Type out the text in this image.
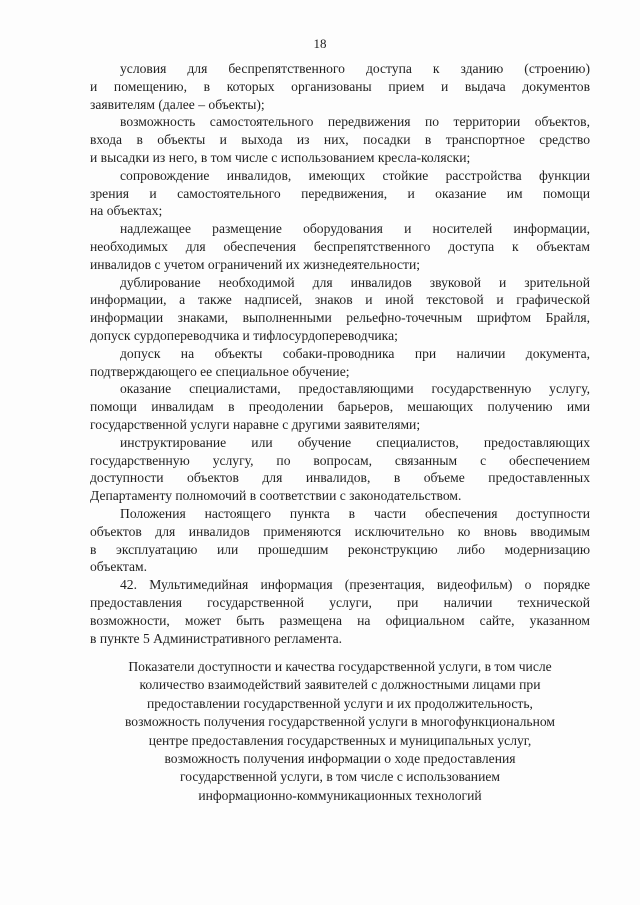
18

условия для беспрепятственного доступа к зданию (строению)
и помещению, в которых организованы прием и выдача документов
заявителям (далее – объекты);

возможность самостоятельного передвижения по территории объектов,
входа в объекты и выхода из них, посадки в транспортное средство
и высадки из него, в том числе с использованием кресла-коляски;

сопровождение инвалидов, имеющих стойкие расстройства функции
зрения и самостоятельного передвижения, и оказание им помощи
на объектах;

надлежащее размещение оборудования и носителей информации,
необходимых для обеспечения беспрепятственного доступа к объектам
инвалидов с учетом ограничений их жизнедеятельности;

дублирование необходимой для инвалидов звуковой и зрительной
информации, а также надписей, знаков и иной текстовой и графической
информации знаками, выполненными рельефно-точечным шрифтом Брайля,
допуск сурдопереводчика и тифлосурдопереводчика;

допуск на объекты собаки-проводника при наличии документа,
подтверждающего ее специальное обучение;

оказание специалистами, предоставляющими государственную услугу,
помощи инвалидам в преодолении барьеров, мешающих получению ими
государственной услуги наравне с другими заявителями;

инструктирование или обучение специалистов, предоставляющих
государственную услугу, по вопросам, связанным с обеспечением
доступности объектов для инвалидов, в объеме предоставленных
Департаменту полномочий в соответствии с законодательством.

Положения настоящего пункта в части обеспечения доступности
объектов для инвалидов применяются исключительно ко вновь вводимым
в эксплуатацию или прошедшим реконструкцию либо модернизацию
объектам.

42. Мультимедийная информация (презентация, видеофильм) о порядке
предоставления государственной услуги, при наличии технической
возможности, может быть размещена на официальном сайте, указанном
в пункте 5 Административного регламента.

Показатели доступности и качества государственной услуги, в том числе
количество взаимодействий заявителей с должностными лицами при
предоставлении государственной услуги и их продолжительность,
возможность получения государственной услуги в многофункциональном
центре предоставления государственных и муниципальных услуг,
возможность получения информации о ходе предоставления
государственной услуги, в том числе с использованием
информационно-коммуникационных технологий
